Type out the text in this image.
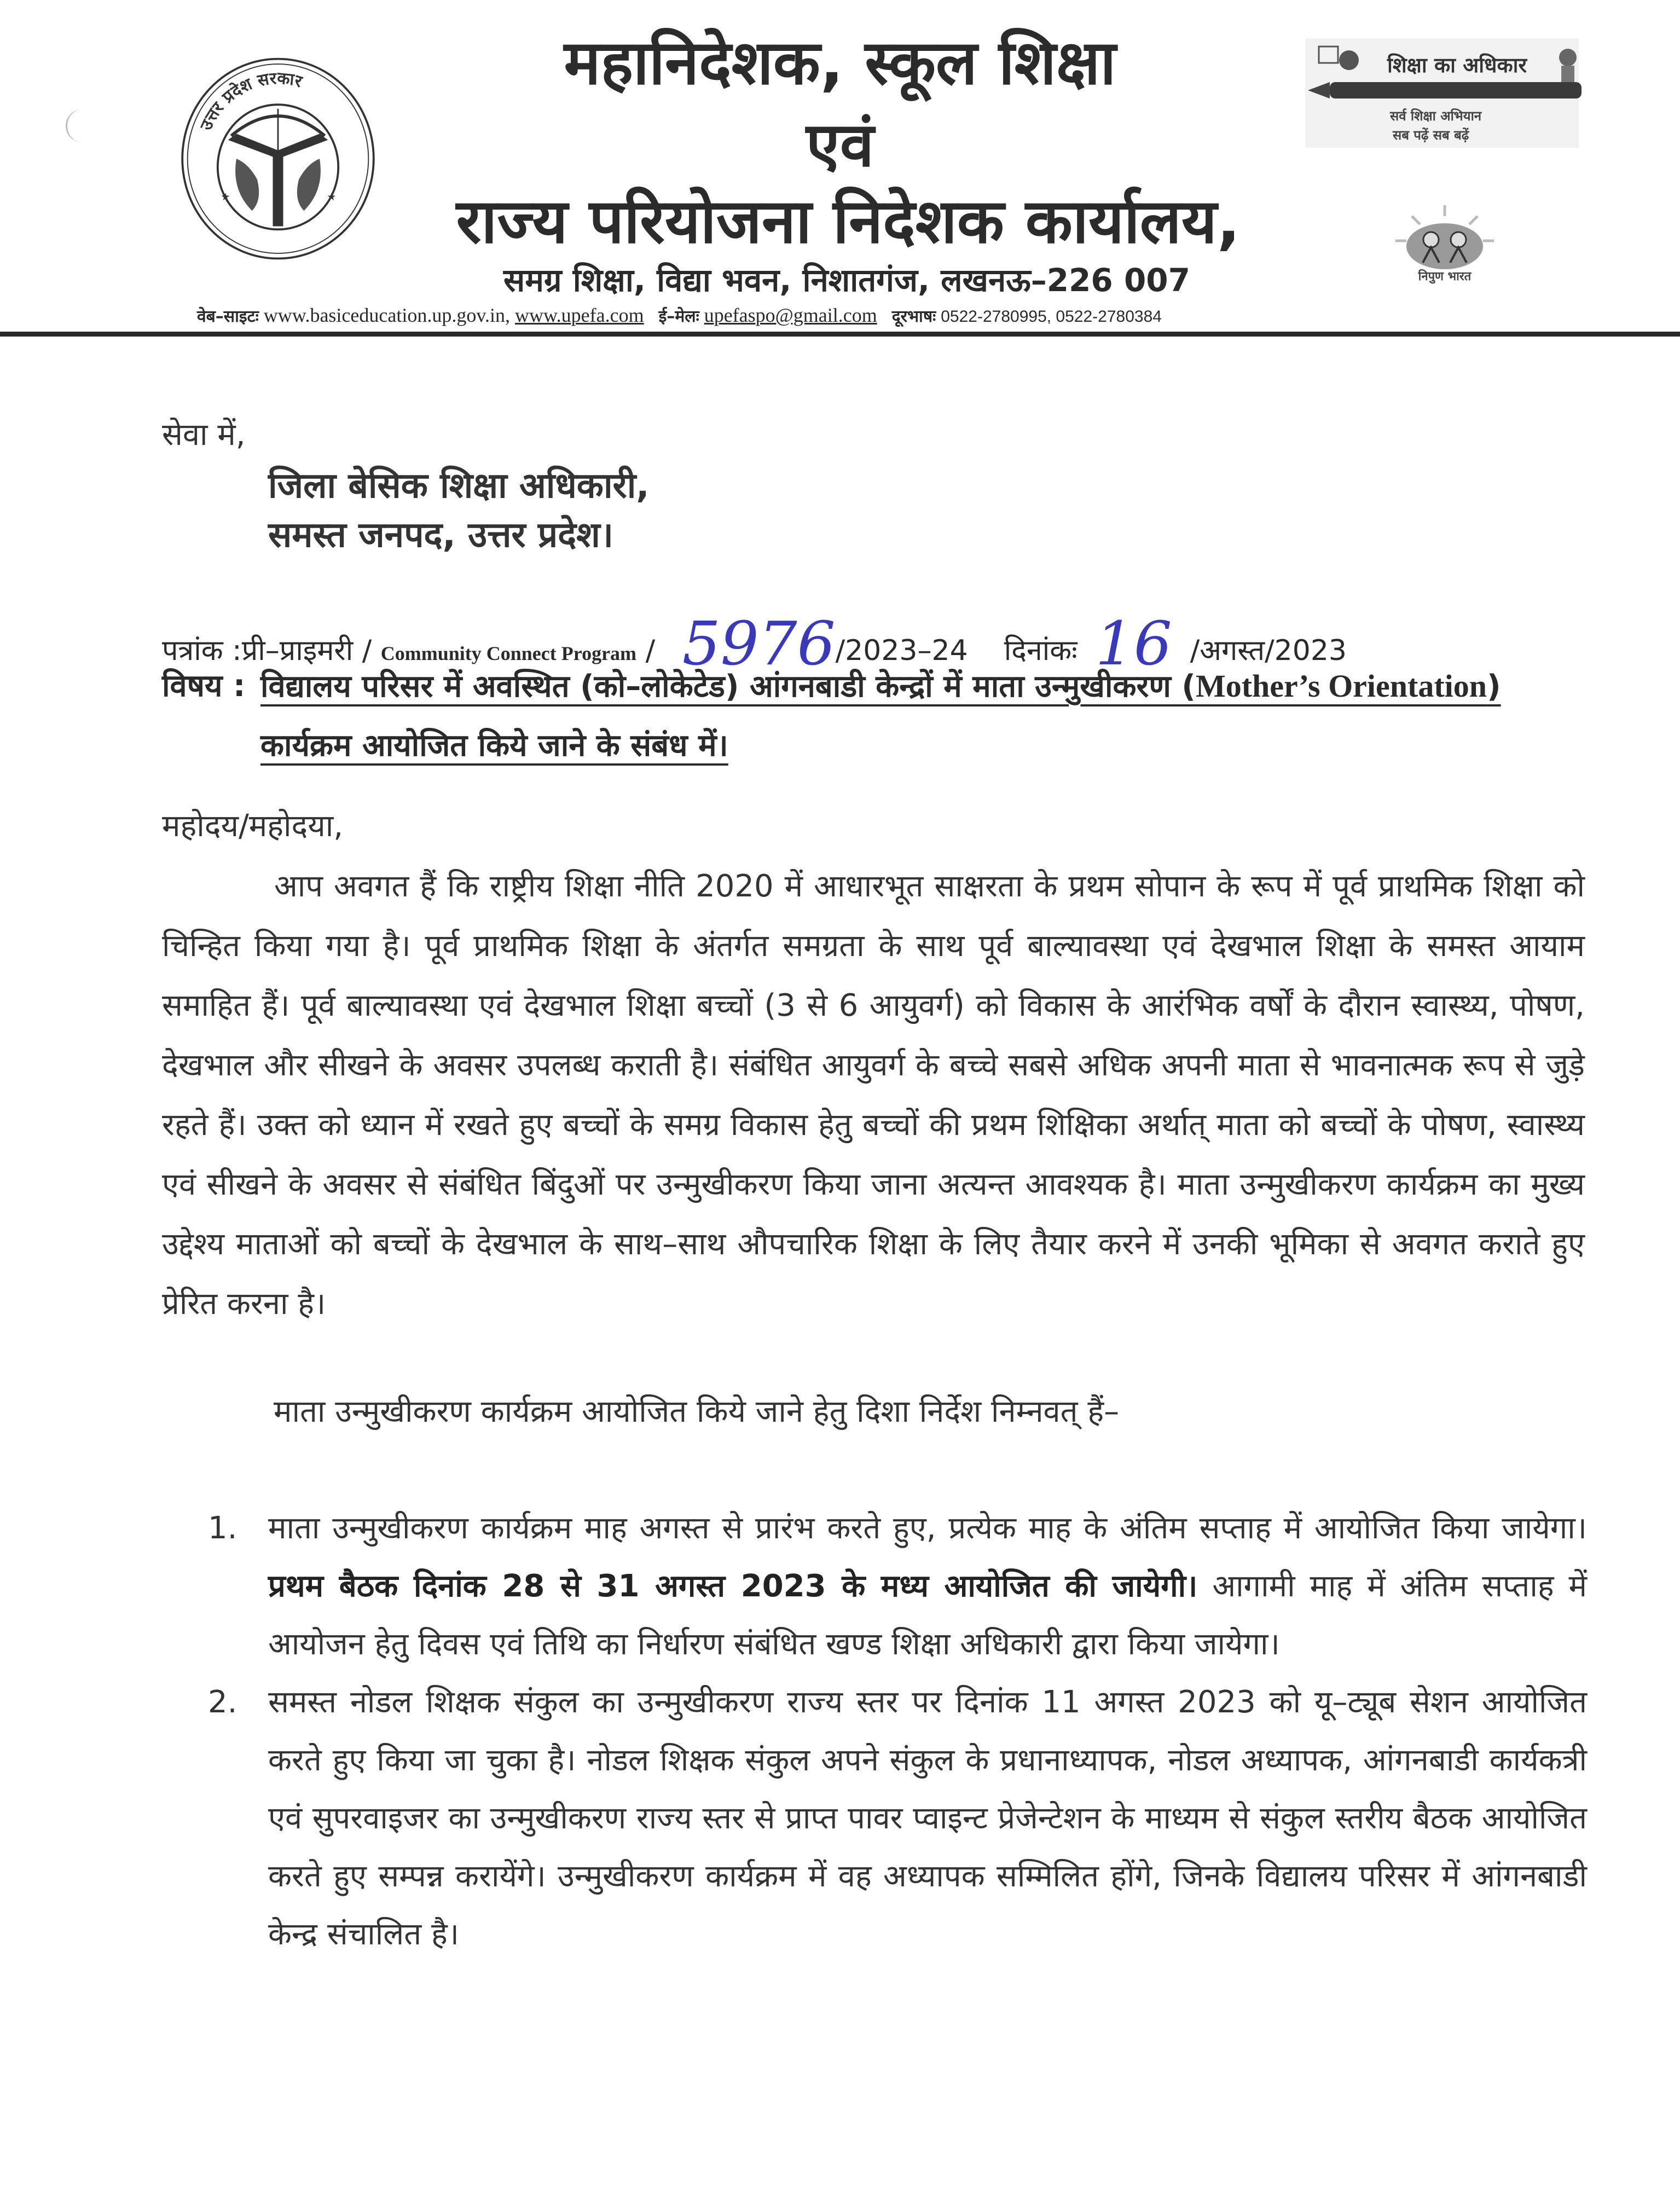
★	★
उत्तर प्रदेश सरकार
शिक्षा का अधिकार
सर्व शिक्षा अभियान
सब पढ़ें सब बढ़ें
निपुण भारत
महानिदेशक, स्कूल शिक्षा
एवं
राज्य परियोजना निदेशक कार्यालय,
समग्र शिक्षा, विद्या भवन, निशातगंज, लखनऊ–226 007
वेब–साइटः www.basiceducation.up.gov.in, www.upefa.com ई–मेलः upefaspo@gmail.com दूरभाषः 0522-2780995, 0522-2780384
सेवा में,
जिला बेसिक शिक्षा अधिकारी,
समस्त जनपद, उत्तर प्रदेश।
पत्रांक :प्री–प्राइमरी / Community Connect Program / 5976/2023–24 दिनांकः 16 /अगस्त/2023
विषय : विद्यालय परिसर में अवस्थित (को–लोकेटेड) आंगनबाडी केन्द्रों में माता उन्मुखीकरण (Mother’s Orientation) कार्यक्रम आयोजित किये जाने के संबंध में।
महोदय/महोदया,
आप अवगत हैं कि राष्ट्रीय शिक्षा नीति 2020 में आधारभूत साक्षरता के प्रथम सोपान के रूप में पूर्व प्राथमिक शिक्षा को चिन्हित किया गया है। पूर्व प्राथमिक शिक्षा के अंतर्गत समग्रता के साथ पूर्व बाल्यावस्था एवं देखभाल शिक्षा के समस्त आयाम समाहित हैं। पूर्व बाल्यावस्था एवं देखभाल शिक्षा बच्चों (3 से 6 आयुवर्ग) को विकास के आरंभिक वर्षों के दौरान स्वास्थ्य, पोषण, देखभाल और सीखने के अवसर उपलब्ध कराती है। संबंधित आयुवर्ग के बच्चे सबसे अधिक अपनी माता से भावनात्मक रूप से जुड़े रहते हैं। उक्त को ध्यान में रखते हुए बच्चों के समग्र विकास हेतु बच्चों की प्रथम शिक्षिका अर्थात् माता को बच्चों के पोषण, स्वास्थ्य एवं सीखने के अवसर से संबंधित बिंदुओं पर उन्मुखीकरण किया जाना अत्यन्त आवश्यक है। माता उन्मुखीकरण कार्यक्रम का मुख्य उद्देश्य माताओं को बच्चों के देखभाल के साथ–साथ औपचारिक शिक्षा के लिए तैयार करने में उनकी भूमिका से अवगत कराते हुए प्रेरित करना है।
माता उन्मुखीकरण कार्यक्रम आयोजित किये जाने हेतु दिशा निर्देश निम्नवत् हैं–
1. माता उन्मुखीकरण कार्यक्रम माह अगस्त से प्रारंभ करते हुए, प्रत्येक माह के अंतिम सप्ताह में आयोजित किया जायेगा। प्रथम बैठक दिनांक 28 से 31 अगस्त 2023 के मध्य आयोजित की जायेगी। आगामी माह में अंतिम सप्ताह में आयोजन हेतु दिवस एवं तिथि का निर्धारण संबंधित खण्ड शिक्षा अधिकारी द्वारा किया जायेगा।
2. समस्त नोडल शिक्षक संकुल का उन्मुखीकरण राज्य स्तर पर दिनांक 11 अगस्त 2023 को यू–ट्यूब सेशन आयोजित करते हुए किया जा चुका है। नोडल शिक्षक संकुल अपने संकुल के प्रधानाध्यापक, नोडल अध्यापक, आंगनबाडी कार्यकत्री एवं सुपरवाइजर का उन्मुखीकरण राज्य स्तर से प्राप्त पावर प्वाइन्ट प्रेजेन्टेशन के माध्यम से संकुल स्तरीय बैठक आयोजित करते हुए सम्पन्न करायेंगे। उन्मुखीकरण कार्यक्रम में वह अध्यापक सम्मिलित होंगे, जिनके विद्यालय परिसर में आंगनबाडी केन्द्र संचालित है।
